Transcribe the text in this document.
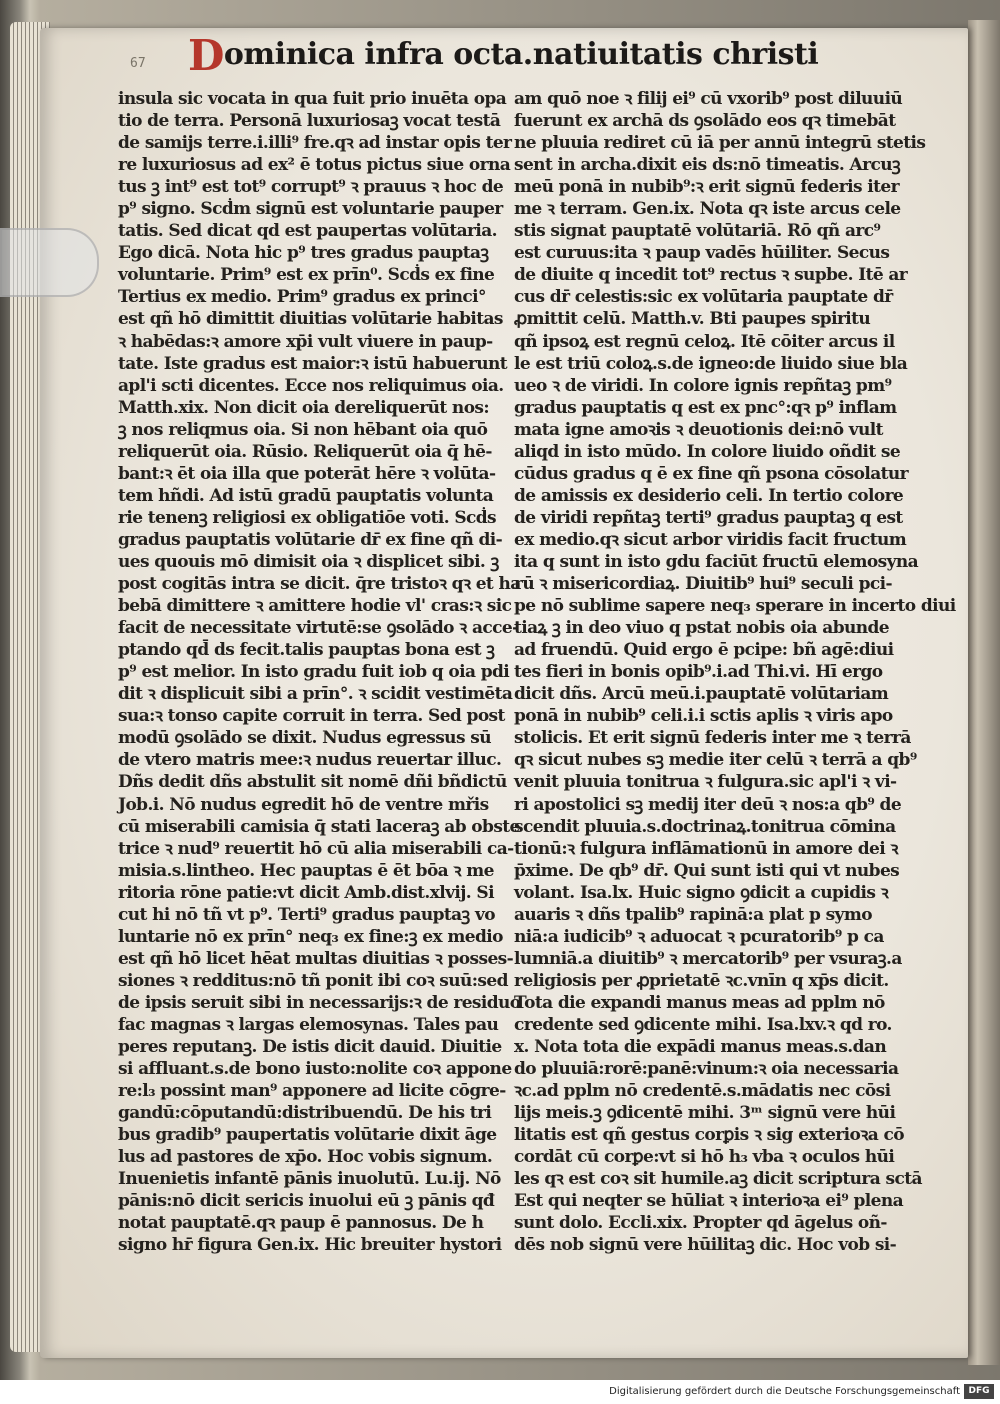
67 Dominica infra octa.natiuitatis christi
insula sic vocata in qua fuit prio inuēta opa
tio de terra. Personā luxuriosaꝫ vocat testā
de samijs terre.i.illi⁹ fre.qꝛ ad instar opis ter
re luxuriosus ad ex² ē totus pictus siue orna
tus ꝫ int⁹ est tot⁹ corrupt⁹ ꝛ prauus ꝛ hoc de
p⁹ signo. Scḋm signū est voluntarie pauper
tatis. Sed dicat qd est paupertas volūtaria.
Ego dicā. Nota hic p⁹ tres gradus pauptaꝫ
voluntarie. Prim⁹ est ex prīn⁰. Scḋs ex fine
Tertius ex medio. Prim⁹ gradus ex princi°
est qñ hō dimittit diuitias volūtarie habitas
ꝛ habēdas:ꝛ amore xp̄i vult viuere in paup-
tate. Iste gradus est maior:ꝛ istū habuerunt
apl'i scti dicentes. Ecce nos reliquimus oia.
Matth.xix. Non dicit oia dereliquerūt nos:
ꝫ nos reliqmus oia. Si non hēbant oia quō
reliquerūt oia. Rūsio. Reliquerūt oia q̄ hē-
bant:ꝛ ēt oia illa que poterāt hēre ꝛ volūta-
tem hñdi. Ad istū gradū pauptatis volunta
rie tenenꝫ religiosi ex obligatiōe voti. Scḋs
gradus pauptatis volūtarie dr̄ ex fine qñ di-
ues quouis mō dimisit oia ꝛ displicet sibi. ꝫ
post cogitās intra se dicit. q̄re tristoꝛ qꝛ et ha
bebā dimittere ꝛ amittere hodie vl' cras:ꝛ sic
facit de necessitate virtutē:se ꝯsolādo ꝛ acce-
ptando qd̄ ds fecit.talis pauptas bona est ꝫ
p⁹ est melior. In isto gradu fuit iob q oia pdi
dit ꝛ displicuit sibi a prīn°. ꝛ scidit vestimēta
sua:ꝛ tonso capite corruit in terra. Sed post
modū ꝯsolādo se dixit. Nudus egressus sū
de vtero matris mee:ꝛ nudus reuertar illuc.
Dñs dedit dñs abstulit sit nomē dñi bñdictū
Job.i. Nō nudus egredit hō de ventre mřis
cū miserabili camisia q̄ stati laceraꝫ ab obste
trice ꝛ nud⁹ reuertit hō cū alia miserabili ca-
misia.s.lintheo. Hec pauptas ē ēt bōa ꝛ me
ritoria rōne patie:vt dicit Amb.dist.xlvij. Si
cut hi nō tñ vt p⁹. Terti⁹ gradus pauptaꝫ vo
luntarie nō ex prīn° neq₃ ex fine:ꝫ ex medio
est qñ hō licet hēat multas diuitias ꝛ posses-
siones ꝛ redditus:nō tñ ponit ibi coꝛ suū:sed
de ipsis seruit sibi in necessarijs:ꝛ de residuo
fac magnas ꝛ largas elemosynas. Tales pau
peres reputanꝫ. De istis dicit dauid. Diuitie
si affluant.s.de bono iusto:nolite coꝛ appone
re:l₃ possint man⁹ apponere ad licite cōgre-
gandū:cōputandū:distribuendū. De his tri
bus gradib⁹ paupertatis volūtarie dixit āge
lus ad pastores de xp̄o. Hoc vobis signum.
Inuenietis infantē pānis inuolutū. Lu.ij. Nō
pānis:nō dicit sericis inuolui eū ꝫ pānis qđ
notat pauptatē.qꝛ paup ē pannosus. De h
signo hr̄ figura Gen.ix. Hic breuiter hystori
am quō noe ꝛ filij ei⁹ cū vxorib⁹ post diluuiū
fuerunt ex archā ds ꝯsolādo eos qꝛ timebāt
ne pluuia rediret cū iā per annū integrū stetis
sent in archa.dixit eis ds:nō timeatis. Arcuꝫ
meū ponā in nubib⁹:ꝛ erit signū federis iter
me ꝛ terram. Gen.ix. Nota qꝛ iste arcus cele
stis signat pauptatē volūtariā. Rō qñ arc⁹
est curuus:ita ꝛ paup vadēs hūiliter. Secus
de diuite q incedit tot⁹ rectus ꝛ supbe. Itē ar
cus dr̄ celestis:sic ex volūtaria pauptate dr̄
ꝓmittit celū. Matth.v. Bti paupes spiritu
qñ ipsoꝝ est regnū celoꝝ. Itē cōiter arcus il
le est triū coloꝝ.s.de igneo:de liuido siue bla
ueo ꝛ de viridi. In colore ignis repñtaꝫ pm⁹
gradus pauptatis q est ex pnc°:qꝛ p⁹ inflam
mata igne amoꝛis ꝛ deuotionis dei:nō vult
aliqd in isto mūdo. In colore liuido oñdit se
cūdus gradus q ē ex fine qñ psona cōsolatur
de amissis ex desiderio celi. In tertio colore
de viridi repñtaꝫ terti⁹ gradus pauptaꝫ q est
ex medio.qꝛ sicut arbor viridis facit fructum
ita q sunt in isto gdu faciūt fructū elemosyna
rū ꝛ misericordiaꝝ. Diuitib⁹ hui⁹ seculi pci-
pe nō sublime sapere neq₃ sperare in incerto diui
tiaꝝ ꝫ in deo viuo q pstat nobis oia abunde
ad fruendū. Quid ergo ē pcipe: bñ agē:diui
tes fieri in bonis opib⁹.i.ad Thi.vi. Hī ergo
dicit dñs. Arcū meū.i.pauptatē volūtariam
ponā in nubib⁹ celi.i.i sctis aplis ꝛ viris apo
stolicis. Et erit signū federis inter me ꝛ terrā
qꝛ sicut nubes sꝫ medie iter celū ꝛ terrā a qb⁹
venit pluuia tonitrua ꝛ fulgura.sic apl'i ꝛ vi-
ri apostolici sꝫ medij iter deū ꝛ nos:a qb⁹ de
scendit pluuia.s.doctrinaꝝ.tonitrua cōmina
tionū:ꝛ fulgura inflāmationū in amore dei ꝛ
p̄xime. De qb⁹ dr̄. Qui sunt isti qui vt nubes
volant. Isa.lx. Huic signo ꝯdicit a cupidis ꝛ
auaris ꝛ dñs tpalib⁹ rapinā:a plat p symo
niā:a iudicib⁹ ꝛ aduocat ꝛ pcuratorib⁹ p ca
lumniā.a diuitib⁹ ꝛ mercatorib⁹ per vsuraꝫ.a
religiosis per ꝓprietatē ꝛc.vnīn q xp̄s dicit.
Tota die expandi manus meas ad pplm nō
credente sed ꝯdicente mihi. Isa.lxv.ꝛ qd ro.
x. Nota tota die expādi manus meas.s.dan
do pluuiā:rorē:panē:vinum:ꝛ oia necessaria
ꝛc.ad pplm nō credentē.s.mādatis nec cōsi
lijs meis.ꝫ ꝯdicentē mihi. 3ᵐ signū vere hūi
litatis est qñ gestus corꝑis ꝛ sig exterioꝛa cō
cordāt cū corꝑe:vt si hō h₃ vba ꝛ oculos hūi
les qꝛ est coꝛ sit humile.aꝫ dicit scriptura sctā
Est qui neqter se hūliat ꝛ interioꝛa ei⁹ plena
sunt dolo. Eccli.xix. Propter qd āgelus oñ-
dēs nob signū vere hūilitaꝫ dic. Hoc vob si-
Digitalisierung gefördert durch die Deutsche Forschungsgemeinschaft DFG
